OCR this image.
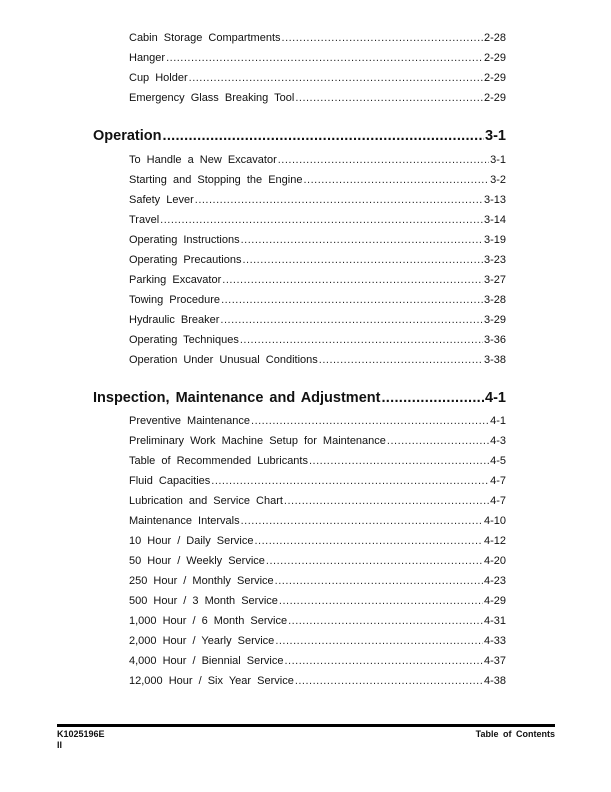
Cabin Storage Compartments .....	2-28
Hanger .....	2-29
Cup Holder .....	2-29
Emergency Glass Breaking Tool .....	2-29
Operation .....	3-1
To Handle a New Excavator .....	3-1
Starting and Stopping the Engine .....	3-2
Safety Lever .....	3-13
Travel .....	3-14
Operating Instructions .....	3-19
Operating Precautions .....	3-23
Parking Excavator .....	3-27
Towing Procedure .....	3-28
Hydraulic Breaker .....	3-29
Operating Techniques .....	3-36
Operation Under Unusual Conditions .....	3-38
Inspection, Maintenance and Adjustment .....	4-1
Preventive Maintenance .....	4-1
Preliminary Work Machine Setup for Maintenance .....	4-3
Table of Recommended Lubricants .....	4-5
Fluid Capacities .....	4-7
Lubrication and Service Chart .....	4-7
Maintenance Intervals .....	4-10
10 Hour / Daily Service .....	4-12
50 Hour / Weekly Service .....	4-20
250 Hour / Monthly Service .....	4-23
500 Hour / 3 Month Service .....	4-29
1,000 Hour / 6 Month Service .....	4-31
2,000 Hour / Yearly Service .....	4-33
4,000 Hour / Biennial Service .....	4-37
12,000 Hour / Six Year Service .....	4-38
K1025196E
II
Table of Contents
